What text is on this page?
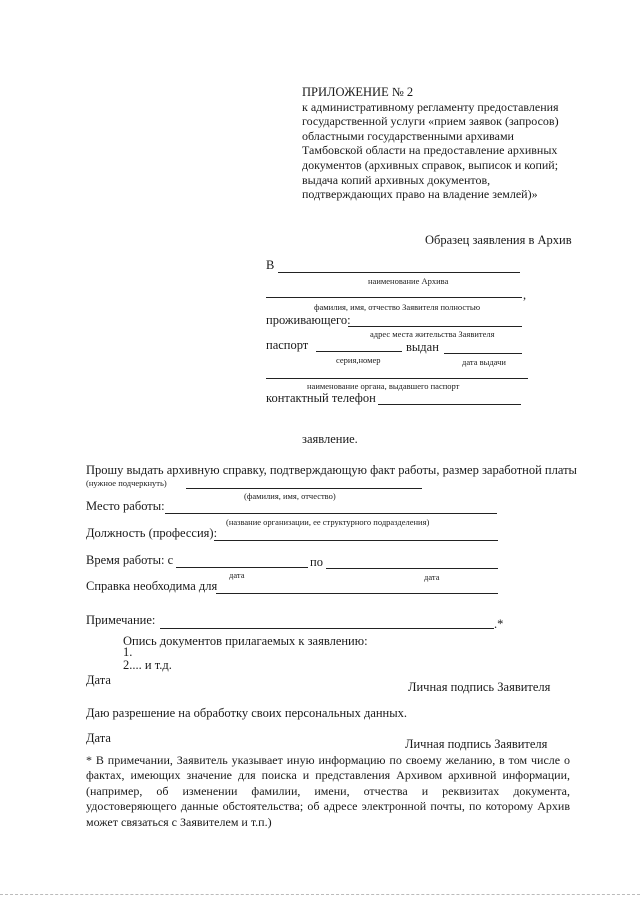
ПРИЛОЖЕНИЕ № 2
к административному регламенту предоставления
государственной услуги «прием заявок (запросов)
областными государственными архивами
Тамбовской области на предоставление архивных
документов (архивных справок, выписок и копий;
выдача копий архивных документов,
подтверждающих право на владение землей)»
Образец заявления в Архив
В
наименование Архива
,
фамилия, имя, отчество Заявителя полностью
проживающего:
адрес места жительства Заявителя
паспорт	выдан
серия,номер	дата выдачи
наименование органа, выдавшего паспорт
контактный телефон
заявление.
Прошу выдать архивную справку, подтверждающую факт работы, размер заработной платы
(нужное подчеркнуть)
(фамилия, имя, отчество)
Место работы:
(название организации, ее структурного подразделения)
Должность (профессия):
Время работы: с	по
дата	дата
Справка необходима для
Примечание:	.*
Опись документов прилагаемых к заявлению:
1.
2.... и т.д.
Дата	Личная подпись Заявителя
Даю разрешение на обработку своих персональных данных.
Дата	Личная подпись Заявителя
* В примечании, Заявитель указывает иную информацию по своему желанию, в том числе о фактах, имеющих значение для поиска и представления Архивом архивной информации, (например, об изменении фамилии, имени, отчества и реквизитах документа, удостоверяющего данные обстоятельства; об адресе электронной почты, по которому Архив может связаться с Заявителем и т.п.)
